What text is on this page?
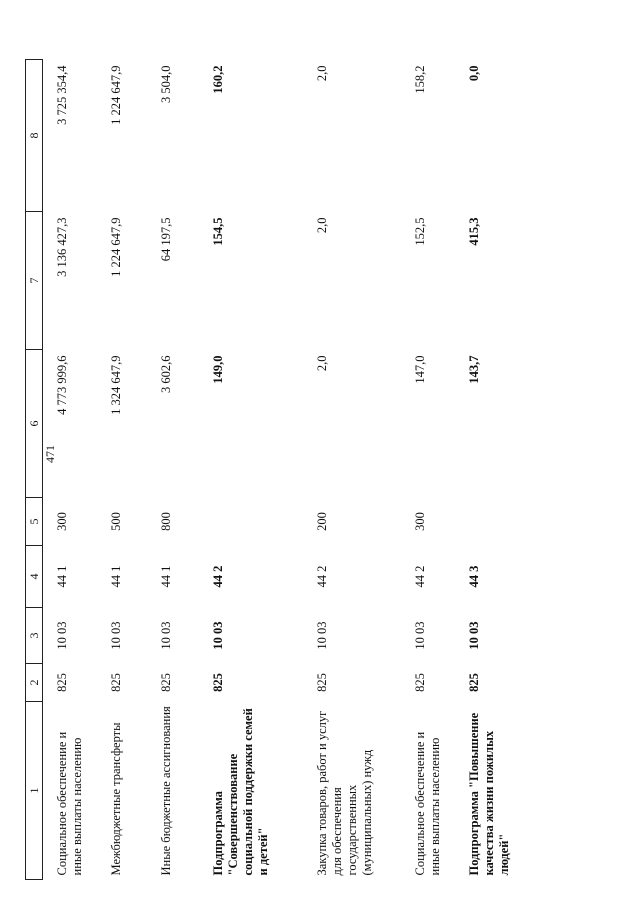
471
1	2	3	4	5	6	7	8
Социальное обеспечение и иные выплаты населению	825	10 03	44 1	300	4 773 999,6	3 136 427,3	3 725 354,4
Межбюджетные трансферты	825	10 03	44 1	500	1 324 647,9	1 224 647,9	1 224 647,9
Иные бюджетные ассигнования	825	10 03	44 1	800	3 602,6	64 197,5	3 504,0
Подпрограмма "Совершенствование социальной поддержки семей и детей"	825	10 03	44 2		149,0	154,5	160,2
Закупка товаров, работ и услуг для обеспечения государственных (муниципальных) нужд	825	10 03	44 2	200	2,0	2,0	2,0
Социальное обеспечение и иные выплаты населению	825	10 03	44 2	300	147,0	152,5	158,2
Подпрограмма "Повышение качества жизни пожилых людей"	825	10 03	44 3		143,7	415,3	0,0
